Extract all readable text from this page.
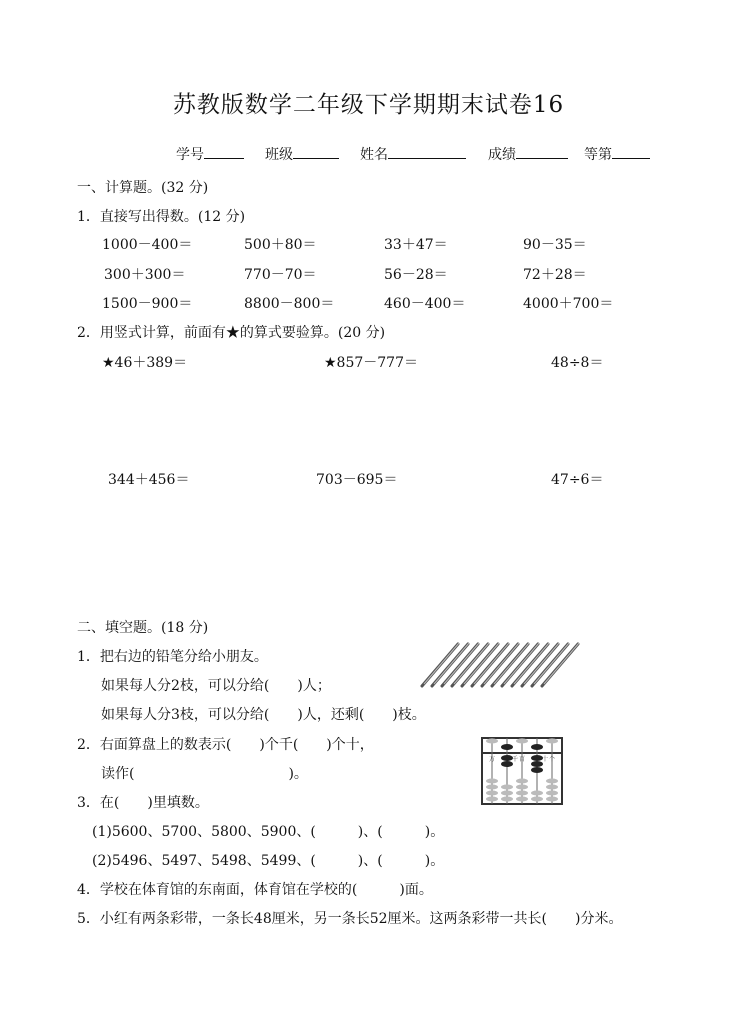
苏教版数学二年级下学期期末试卷16
学号	班级	姓名	成绩	等第
一、计算题。(32 分)
1．直接写出得数。(12 分)
1000－400＝	500＋80＝	33＋47＝	90－35＝
300＋300＝	770－70＝	56－28＝	72＋28＝
1500－900＝	8800－800＝	460－400＝	4000＋700＝
2．用竖式计算，前面有★的算式要验算。(20 分)
★46＋389＝	★857－777＝	48÷8＝
344＋456＝	703－695＝	47÷6＝
二、填空题。(18 分)
1．把右边的铅笔分给小朋友。
如果每人分2枝，可以分给(　　)人；
如果每人分3枝，可以分给(　　)人，还剩(　　)枝。
2．右面算盘上的数表示(　　)个千(　　)个十，
读作(　　　　　　　　　　　)。
万	千 百	十 个
3．在(　　)里填数。
(1)5600、5700、5800、5900、(　　　)、(　　　)。
(2)5496、5497、5498、5499、(　　　)、(　　　)。
4．学校在体育馆的东南面，体育馆在学校的(　　　)面。
5．小红有两条彩带，一条长48厘米，另一条长52厘米。这两条彩带一共长(　　)分米。
